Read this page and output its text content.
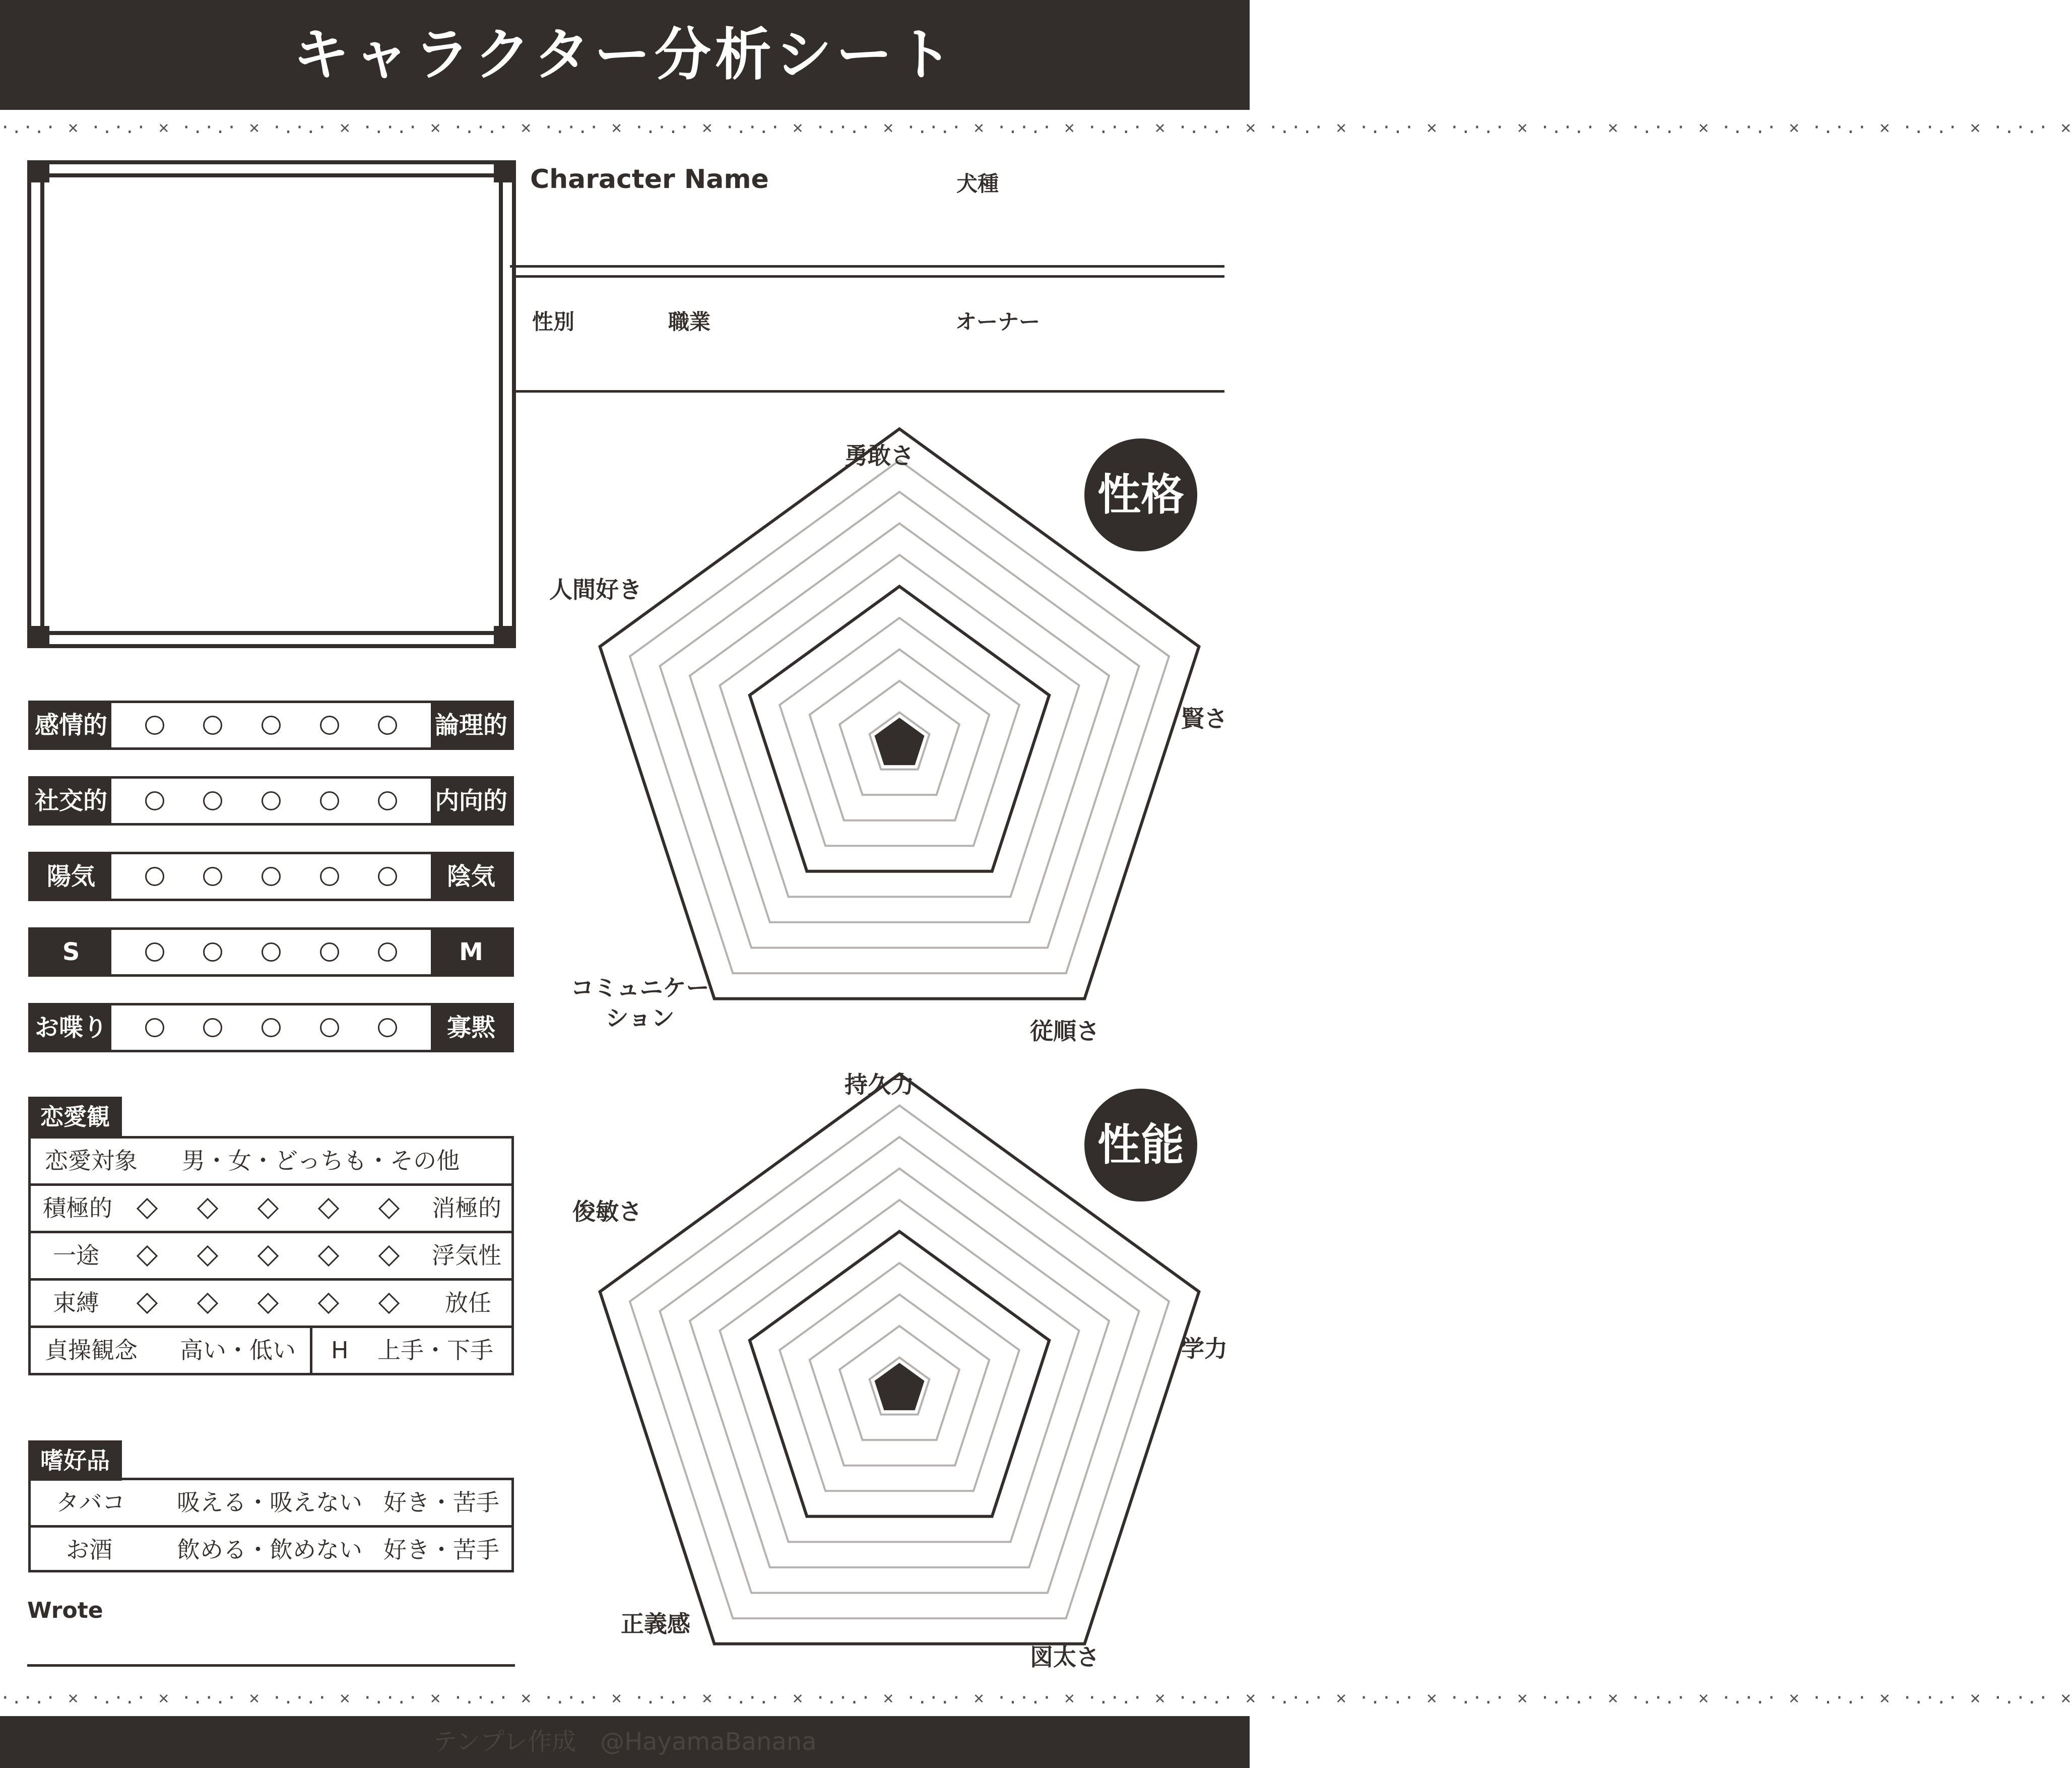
キャラクター分析シート
·.·.· ✕ ·.·.· ✕ ·.·.· ✕ ·.·.· ✕ ·.·.· ✕ ·.·.· ✕ ·.·.· ✕ ·.·.· ✕ ·.·.· ✕ ·.·.· ✕ ·.·.· ✕ ·.·.· ✕ ·.·.· ✕ ·.·.· ✕ ·.·.· ✕ ·.·.· ✕ ·.·.· ✕ ·.·.· ✕ ·.·.· ✕ ·.·.· ✕ ·.·.· ✕ ·.·.· ✕ ·.·.· ✕
Character Name	犬種
性別	職業	オーナー
感情的	論理的
社交的	内向的
陽気	陰気
S	M
お喋り	寡黙
恋愛観
恋愛対象 男・女・どっちも・その他
積極的	消極的
一途	浮気性
束縛	放任
貞操観念 高い・低い H 上手・下手
嗜好品
タバコ 吸える・吸えない 好き・苦手
お酒	飲める・飲めない 好き・苦手
Wrote
性格
勇敢さ
賢さ
従順さ
コミュニケー
ション
人間好き
性能
持久力
学力
図太さ
正義感
俊敏さ
·.·.· ✕ ·.·.· ✕ ·.·.· ✕ ·.·.· ✕ ·.·.· ✕ ·.·.· ✕ ·.·.· ✕ ·.·.· ✕ ·.·.· ✕ ·.·.· ✕ ·.·.· ✕ ·.·.· ✕ ·.·.· ✕ ·.·.· ✕ ·.·.· ✕ ·.·.· ✕ ·.·.· ✕ ·.·.· ✕ ·.·.· ✕ ·.·.· ✕ ·.·.· ✕ ·.·.· ✕ ·.·.· ✕
テンプレ作成　@HayamaBanana
